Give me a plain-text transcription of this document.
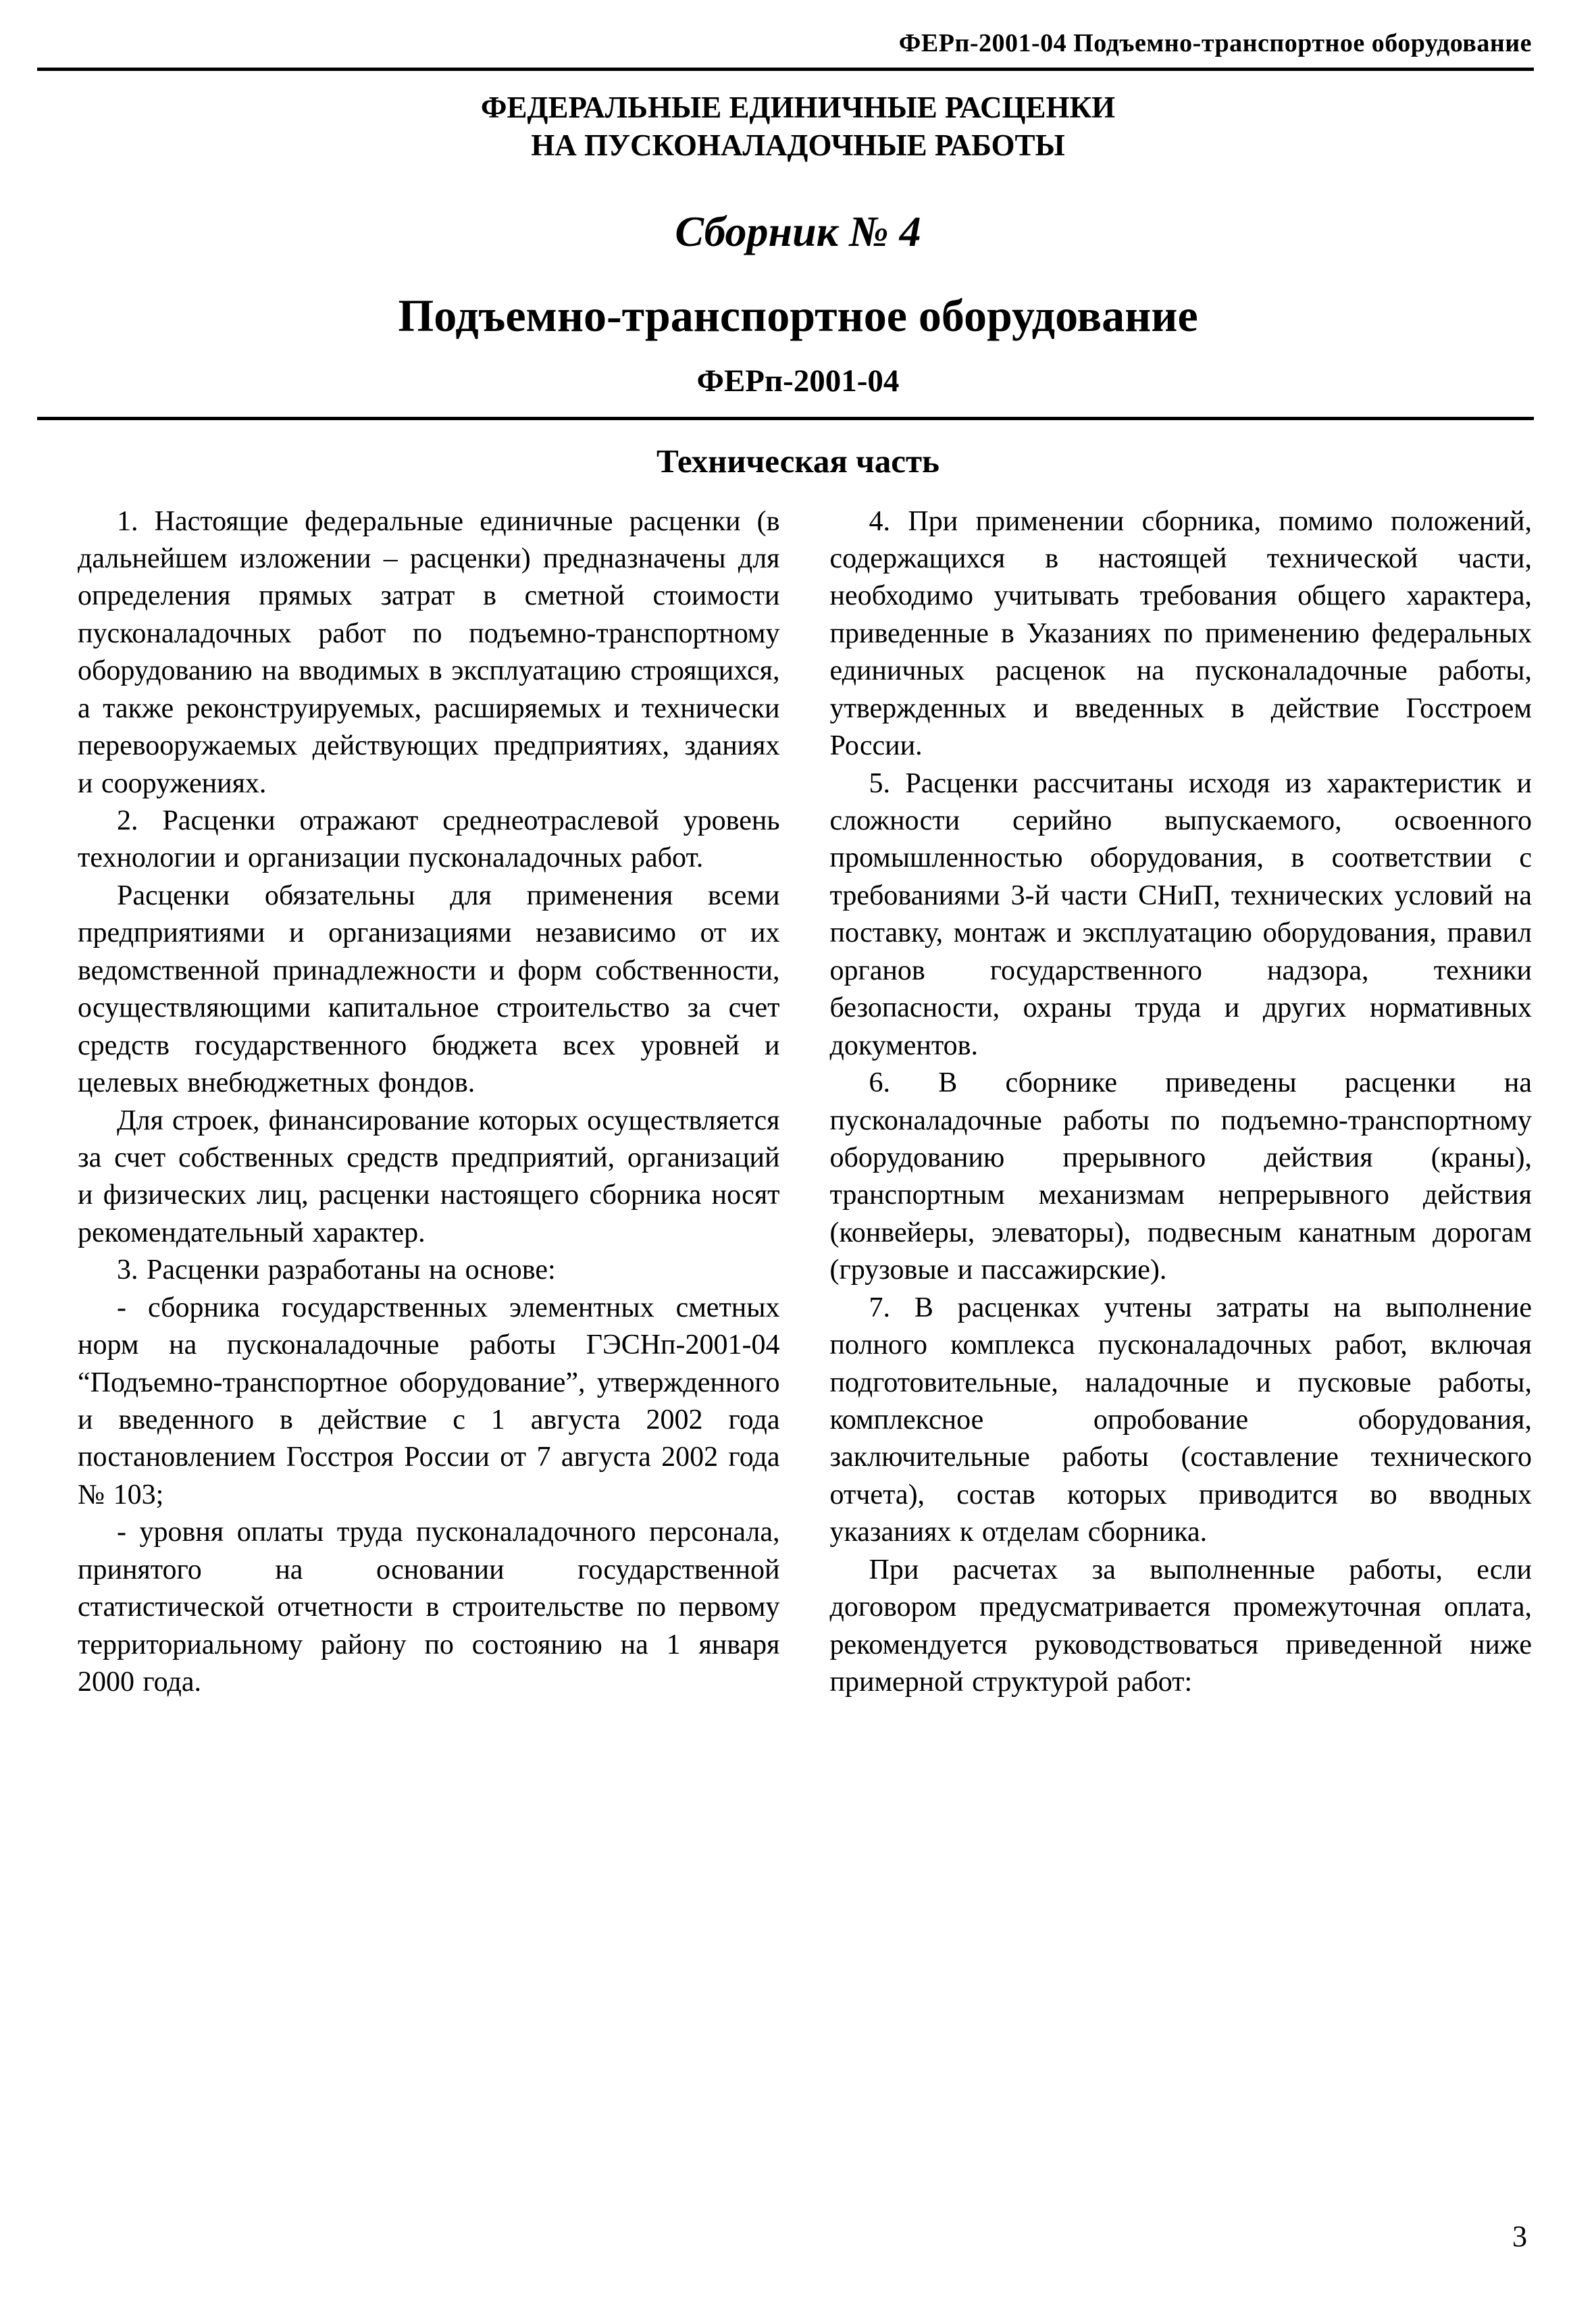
ФЕРп-2001-04 Подъемно-транспортное оборудование
ФЕДЕРАЛЬНЫЕ ЕДИНИЧНЫЕ РАСЦЕНКИ
НА ПУСКОНАЛАДОЧНЫЕ РАБОТЫ
Сборник № 4
Подъемно-транспортное оборудование
ФЕРп-2001-04
Техническая часть

1. Настоящие федеральные единичные расценки (в дальнейшем изложении – расценки) предназначены для определения прямых затрат в сметной стоимости пусконаладочных работ по подъемно-транспортному оборудованию на вводимых в эксплуатацию строящихся, а также реконструируемых, расширяемых и технически перевооружаемых действующих предприятиях, зданиях и сооружениях.

2. Расценки отражают среднеотраслевой уровень технологии и организации пусконаладочных работ.

Расценки обязательны для применения всеми предприятиями и организациями независимо от их ведомственной принадлежности и форм собственности, осуществляющими капитальное строительство за счет средств государственного бюджета всех уровней и целевых внебюджетных фондов.

Для строек, финансирование которых осуществляется за счет собственных средств предприятий, организаций и физических лиц, расценки настоящего сборника носят рекомендательный характер.

3. Расценки разработаны на основе:

- сборника государственных элементных сметных норм на пусконаладочные работы ГЭСНп-2001-04 “Подъемно-транспортное оборудование”, утвержденного и введенного в действие с 1 августа 2002 года постановлением Госстроя России от 7 августа 2002 года № 103;

- уровня оплаты труда пусконаладочного персонала, принятого на основании государственной статистической отчетности в строительстве по первому территориальному району по состоянию на 1 января 2000 года.

4. При применении сборника, помимо положений, содержащихся в настоящей технической части, необходимо учитывать требования общего характера, приведенные в Указаниях по применению федеральных единичных расценок на пусконаладочные работы, утвержденных и введенных в действие Госстроем России.

5. Расценки рассчитаны исходя из характеристик и сложности серийно выпускаемого, освоенного промышленностью оборудования, в соответствии с требованиями 3-й части СНиП, технических условий на поставку, монтаж и эксплуатацию оборудования, правил органов государственного надзора, техники безопасности, охраны труда и других нормативных документов.

6. В сборнике приведены расценки на пусконаладочные работы по подъемно-транспортному оборудованию прерывного действия (краны), транспортным механизмам непрерывного действия (конвейеры, элеваторы), подвесным канатным дорогам (грузовые и пассажирские).

7. В расценках учтены затраты на выполнение полного комплекса пусконаладочных работ, включая подготовительные, наладочные и пусковые работы, комплексное опробование оборудования, заключительные работы (составление технического отчета), состав которых приводится во вводных указаниях к отделам сборника.

При расчетах за выполненные работы, если договором предусматривается промежуточная оплата, рекомендуется руководствоваться приведенной ниже примерной структурой работ:

3
